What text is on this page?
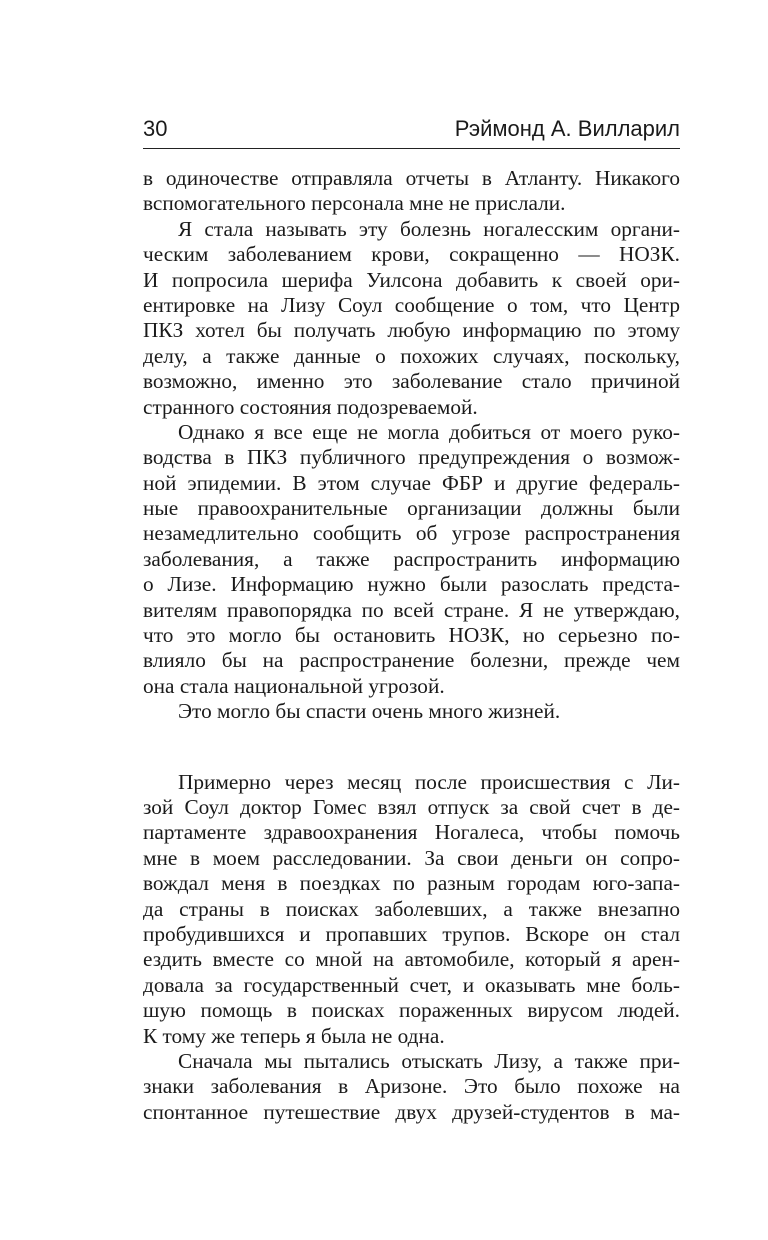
30	Рэймонд А. Вилларил
в одиночестве отправляла отчеты в Атланту. Никакого
вспомогательного персонала мне не прислали.
Я стала называть эту болезнь ногалесским органи-
ческим заболеванием крови, сокращенно — НОЗК.
И попросила шерифа Уилсона добавить к своей ори-
ентировке на Лизу Соул сообщение о том, что Центр
ПКЗ хотел бы получать любую информацию по этому
делу, а также данные о похожих случаях, поскольку,
возможно, именно это заболевание стало причиной
странного состояния подозреваемой.
Однако я все еще не могла добиться от моего руко-
водства в ПКЗ публичного предупреждения о возмож-
ной эпидемии. В этом случае ФБР и другие федераль-
ные правоохранительные организации должны были
незамедлительно сообщить об угрозе распространения
заболевания, а также распространить информацию
о Лизе. Информацию нужно были разослать предста-
вителям правопорядка по всей стране. Я не утверждаю,
что это могло бы остановить НОЗК, но серьезно по-
влияло бы на распространение болезни, прежде чем
она стала национальной угрозой.
Это могло бы спасти очень много жизней.
Примерно через месяц после происшествия с Ли-
зой Соул доктор Гомес взял отпуск за свой счет в де-
партаменте здравоохранения Ногалеса, чтобы помочь
мне в моем расследовании. За свои деньги он сопро-
вождал меня в поездках по разным городам юго-запа-
да страны в поисках заболевших, а также внезапно
пробудившихся и пропавших трупов. Вскоре он стал
ездить вместе со мной на автомобиле, который я арен-
довала за государственный счет, и оказывать мне боль-
шую помощь в поисках пораженных вирусом людей.
К тому же теперь я была не одна.
Сначала мы пытались отыскать Лизу, а также при-
знаки заболевания в Аризоне. Это было похоже на
спонтанное путешествие двух друзей-студентов в ма-
